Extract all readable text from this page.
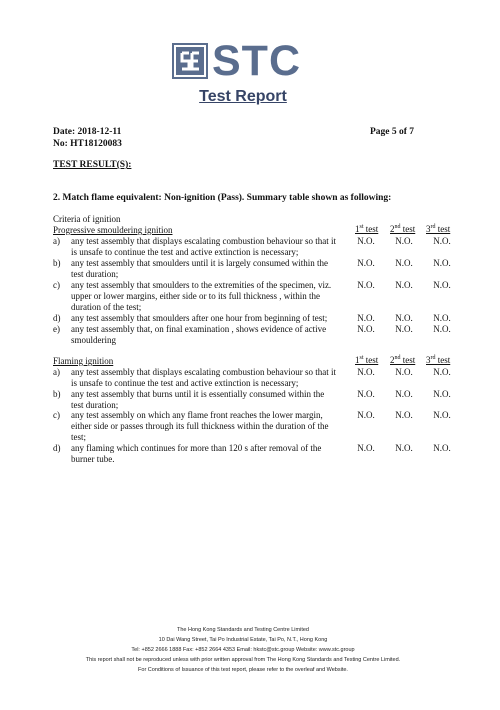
STC
Test Report
Date: 2018-12-11	Page 5 of 7
No: HT18120083
TEST RESULT(S):
2. Match flame equivalent: Non-ignition (Pass). Summary table shown as following:
Criteria of ignition
Progressive smouldering ignition	1st test 2nd test 3rd test
a)	any test assembly that displays escalating combustion behaviour so that it
is unsafe to continue the test and active extinction is necessary;
N.O.	N.O.	N.O.
b)	any test assembly that smoulders until it is largely consumed within the
test duration;
N.O.	N.O.	N.O.
c)	any test assembly that smoulders to the extremities of the specimen, viz.
upper or lower margins, either side or to its full thickness , within the
duration of the test;
N.O.	N.O.	N.O.
d)	any test assembly that smoulders after one hour from beginning of test;	N.O.	N.O.	N.O.
e)	any test assembly that, on final examination , shows evidence of active
smouldering
N.O.	N.O.	N.O.
Flaming ignition	1st test 2nd test 3rd test
a)	any test assembly that displays escalating combustion behaviour so that it
is unsafe to continue the test and active extinction is necessary;
N.O.	N.O.	N.O.
b)	any test assembly that burns until it is essentially consumed within the
test duration;
N.O.	N.O.	N.O.
c)	any test assembly on which any flame front reaches the lower margin,
either side or passes through its full thickness within the duration of the
test;
N.O.	N.O.	N.O.
d)	any flaming which continues for more than 120 s after removal of the
burner tube.
N.O.	N.O.	N.O.
The Hong Kong Standards and Testing Centre Limited
10 Dai Wang Street, Tai Po Industrial Estate, Tai Po, N.T., Hong Kong
Tel: +852 2666 1888 Fax: +852 2664 4353 Email: hkstc@stc.group Website: www.stc.group
This report shall not be reproduced unless with prior written approval from The Hong Kong Standards and Testing Centre Limited.
For Conditions of Issuance of this test report, please refer to the overleaf and Website.
